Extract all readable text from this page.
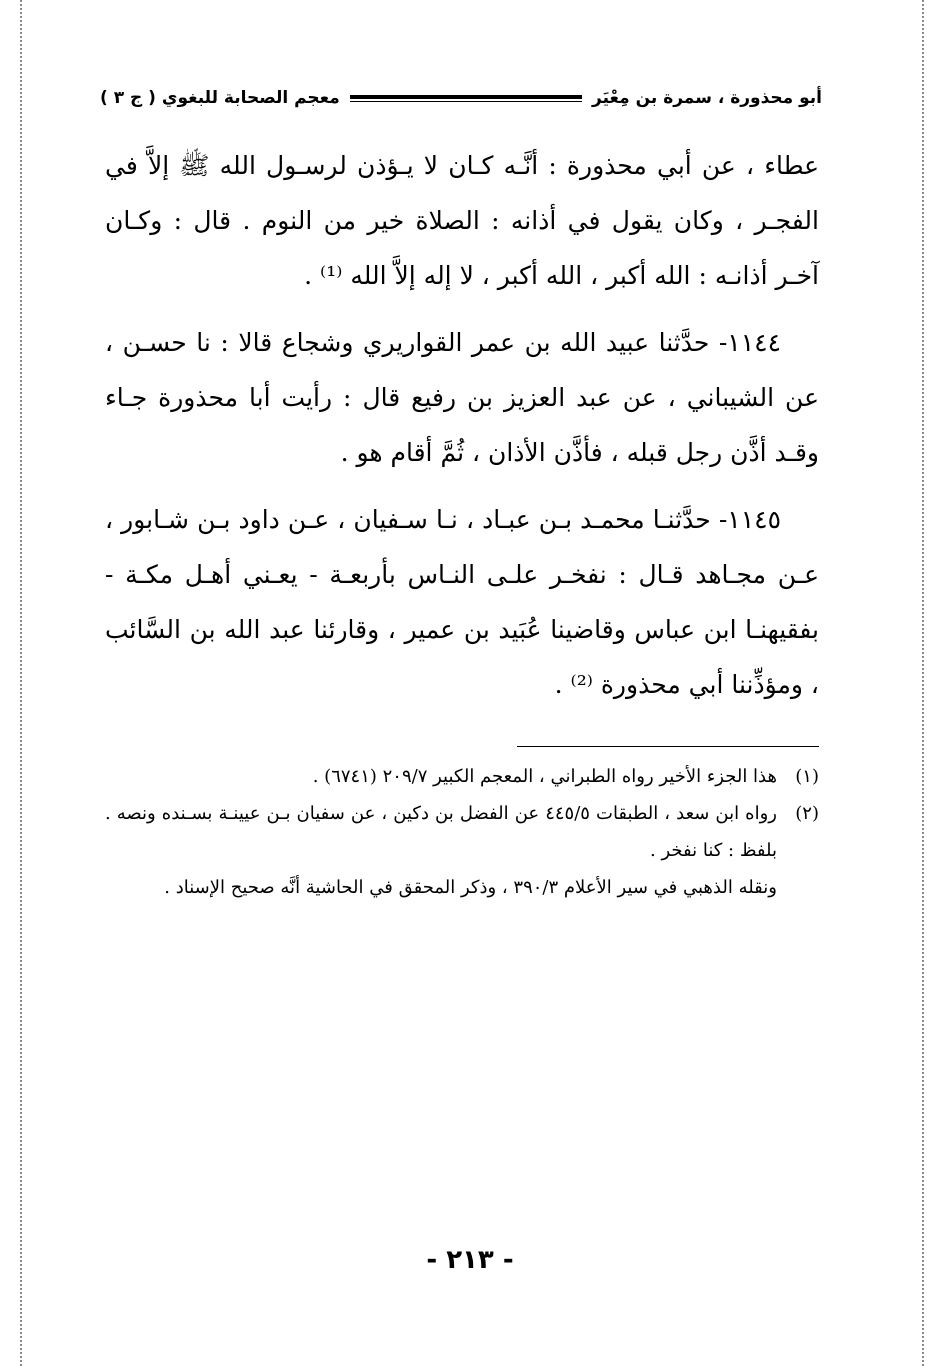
أبو محذورة ، سمرة بن مِعْيَر
معجم الصحابة للبغوي ( ج ٣ )

عطاء ، عن أبي محذورة : أنَّـه كـان لا يـؤذن لرسـول الله ﷺ إلاَّ في الفجـر ، وكان يقول في أذانه : الصلاة خير من النوم . قال : وكـان آخـر أذانـه : الله أكبر ، الله أكبر ، لا إله إلاَّ الله ⁽¹⁾ .

١١٤٤- حدَّثنا عبيد الله بن عمر القواريري وشجاع قالا : نا حسـن ، عن الشيباني ، عن عبد العزيز بن رفيع قال : رأيت أبا محذورة جـاء وقـد أذَّن رجل قبله ، فأذَّن الأذان ، ثُمَّ أقام هو .

١١٤٥- حدَّثنـا محمـد بـن عبـاد ، نـا سـفيان ، عـن داود بـن شـابور ، عـن مجـاهد قـال : نفخـر علـى النـاس بأربعـة - يعـني أهـل مكـة - بفقيهنـا ابن عباس وقاضينا عُبَيد بن عمير ، وقارئنا عبد الله بن السَّائب ، ومؤذِّننا أبي محذورة ⁽²⁾ .

(١)
هذا الجزء الأخير رواه الطبراني ، المعجم الكبير ٢٠٩/٧ (٦٧٤١) .
(٢)
رواه ابن سعد ، الطبقات ٤٤٥/٥ عن الفضل بن دكين ، عن سفيان بـن عيينـة بسـنده ونصه . بلفظ : كنا نفخر .

ونقله الذهبي في سير الأعلام ٣٩٠/٣ ، وذكر المحقق في الحاشية أنَّه صحيح الإسناد .

- ٢١٣ -
